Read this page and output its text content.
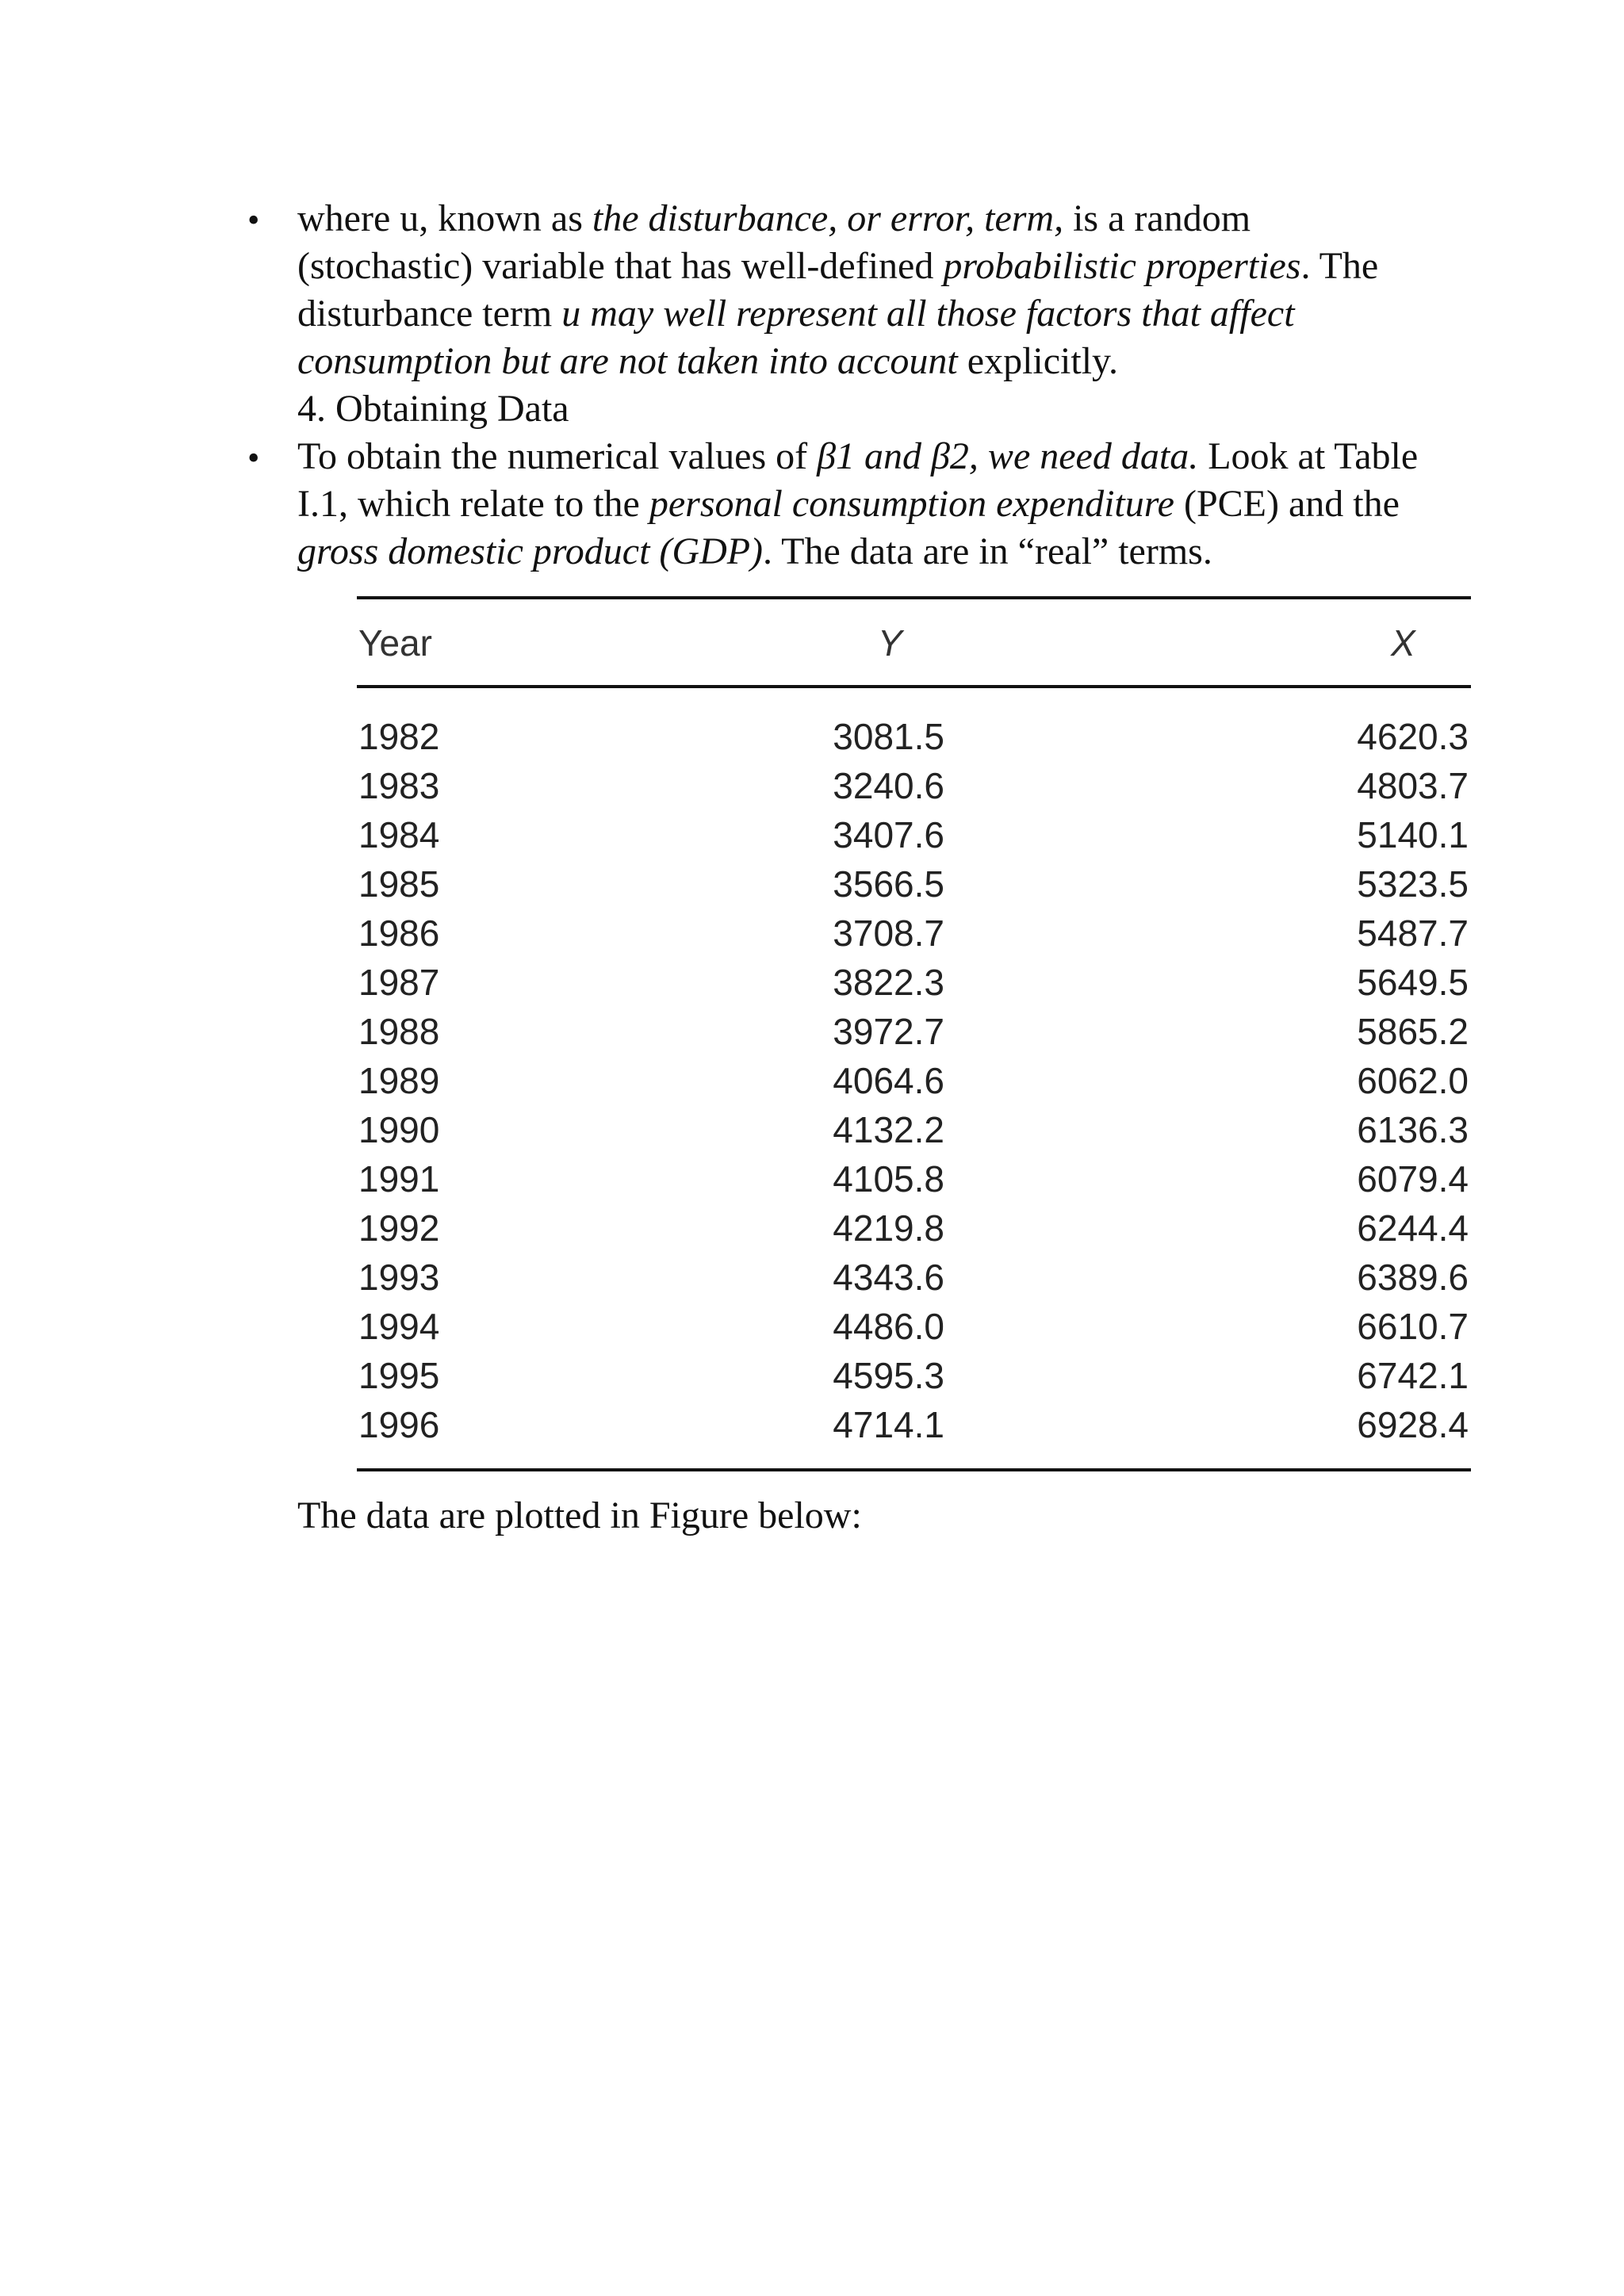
• where u, known as the disturbance, or error, term, is a random
(stochastic) variable that has well-defined probabilistic properties. The
disturbance term u may well represent all those factors that affect
consumption but are not taken into account explicitly.
4. Obtaining Data
• To obtain the numerical values of β1 and β2, we need data. Look at Table
I.1, which relate to the personal consumption expenditure (PCE) and the
gross domestic product (GDP). The data are in “real” terms.
Year	Y	X
1982	3081.5	4620.3
1983	3240.6	4803.7
1984	3407.6	5140.1
1985	3566.5	5323.5
1986	3708.7	5487.7
1987	3822.3	5649.5
1988	3972.7	5865.2
1989	4064.6	6062.0
1990	4132.2	6136.3
1991	4105.8	6079.4
1992	4219.8	6244.4
1993	4343.6	6389.6
1994	4486.0	6610.7
1995	4595.3	6742.1
1996	4714.1	6928.4
The data are plotted in Figure below:
